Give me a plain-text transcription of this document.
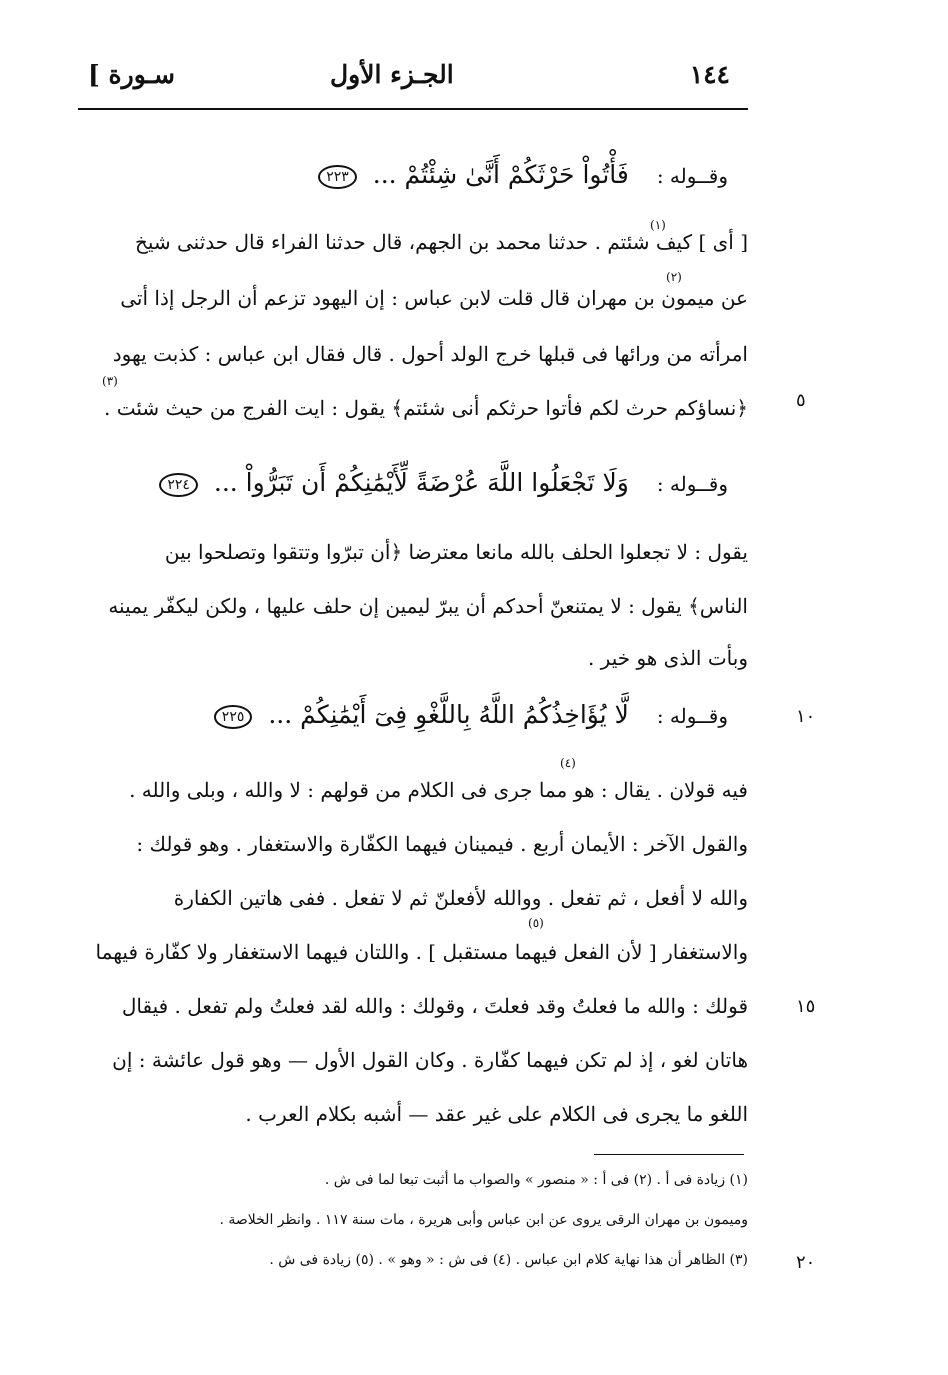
١٤٤
الجـزء الأول
[ سـورة
وقــوله : فَأْتُواْ حَرْثَكُمْ أَنَّىٰ شِئْتُمْ ... ٢٢٣
(١)
[ أى ] كيف شئتم . حدثنا محمد بن الجهم، قال حدثنا الفراء قال حدثنى شيخ
(٢)
عن ميمون بن مهران قال قلت لابن عباس : إن اليهود تزعم أن الرجل إذا أتى
امرأته من ورائها فى قبلها خرج الولد أحول . قال فقال ابن عباس : كذبت يهود
(٣)
﴿نساؤكم حرث لكم فأتوا حرثكم أنى شئتم﴾ يقول : ايت الفرج من حيث شئت .	٥
وقــوله : وَلَا تَجْعَلُوا اللَّهَ عُرْضَةً لِّأَيْمَٰنِكُمْ أَن تَبَرُّواْ ... ٢٢٤
يقول : لا تجعلوا الحلف بالله مانعا معترضا ﴿أن تبرّوا وتتقوا وتصلحوا بين
الناس﴾ يقول : لا يمتنعنّ أحدكم أن يبرّ ليمين إن حلف عليها ، ولكن ليكفّر يمينه
وبأت الذى هو خير .
وقــوله : لَّا يُؤَاخِذُكُمُ اللَّهُ بِاللَّغْوِ فِىٓ أَيْمَٰنِكُمْ ... ٢٢٥	١٠
(٤)
فيه قولان . يقال : هو مما جرى فى الكلام من قولهم : لا والله ، وبلى والله .
والقول الآخر : الأيمان أربع . فيمينان فيهما الكفّارة والاستغفار . وهو قولك :
والله لا أفعل ، ثم تفعل . ووالله لأفعلنّ ثم لا تفعل . ففى هاتين الكفارة
(٥)
والاستغفار [ لأن الفعل فيهما مستقبل ] . واللتان فيهما الاستغفار ولا كفّارة فيهما
قولك : والله ما فعلتُ وقد فعلتَ ، وقولك : والله لقد فعلتُ ولم تفعل . فيقال	١٥
هاتان لغو ، إذ لم تكن فيهما كفّارة . وكان القول الأول — وهو قول عائشة : إن
اللغو ما يجرى فى الكلام على غير عقد — أشبه بكلام العرب .
(١) زيادة فى أ . (٢) فى أ : « منصور » والصواب ما أثبت تبعا لما فى ش .
وميمون بن مهران الرقى يروى عن ابن عباس وأبى هريرة ، مات سنة ١١٧ . وانظر الخلاصة .
(٣) الظاهر أن هذا نهاية كلام ابن عباس . (٤) فى ش : « وهو » . (٥) زيادة فى ش .	٢٠
